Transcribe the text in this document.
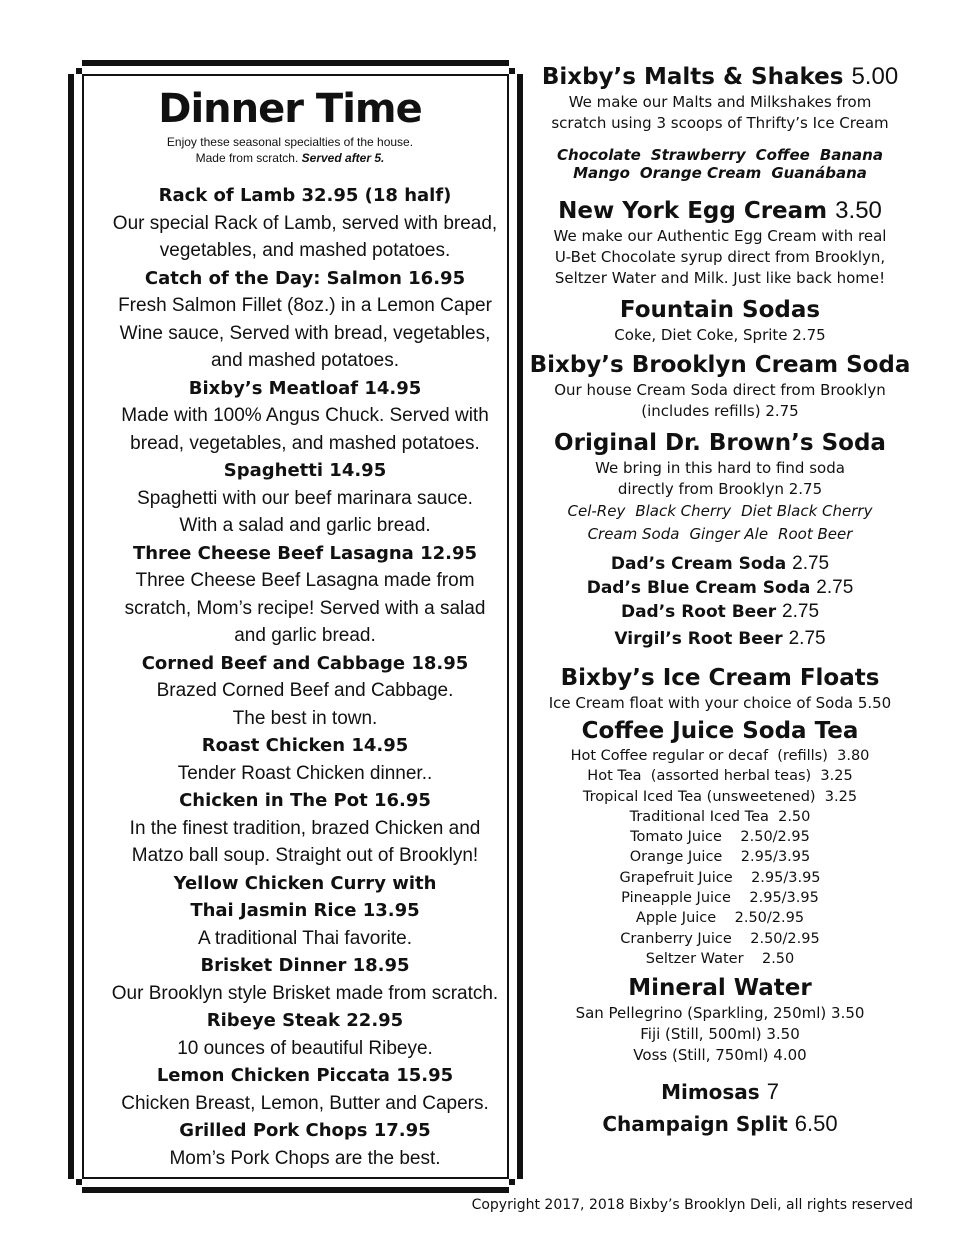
Dinner Time
Enjoy these seasonal specialties of the house.
Made from scratch. Served after 5.
Rack of Lamb 32.95 (18 half)
Our special Rack of Lamb, served with bread,
vegetables, and mashed potatoes.
Catch of the Day: Salmon 16.95
Fresh Salmon Fillet (8oz.) in a Lemon Caper
Wine sauce, Served with bread, vegetables,
and mashed potatoes.
Bixby’s Meatloaf 14.95
Made with 100% Angus Chuck. Served with
bread, vegetables, and mashed potatoes.
Spaghetti 14.95
Spaghetti with our beef marinara sauce.
With a salad and garlic bread.
Three Cheese Beef Lasagna 12.95
Three Cheese Beef Lasagna made from
scratch, Mom’s recipe! Served with a salad
and garlic bread.
Corned Beef and Cabbage 18.95
Brazed Corned Beef and Cabbage.
The best in town.
Roast Chicken 14.95
Tender Roast Chicken dinner..
Chicken in The Pot 16.95
In the finest tradition, brazed Chicken and
Matzo ball soup. Straight out of Brooklyn!
Yellow Chicken Curry with
Thai Jasmin Rice 13.95
A traditional Thai favorite.
Brisket Dinner 18.95
Our Brooklyn style Brisket made from scratch.
Ribeye Steak 22.95
10 ounces of beautiful Ribeye.
Lemon Chicken Piccata 15.95
Chicken Breast, Lemon, Butter and Capers.
Grilled Pork Chops 17.95
Mom’s Pork Chops are the best.
Bixby’s Malts & Shakes 5.00
We make our Malts and Milkshakes from
scratch using 3 scoops of Thrifty’s Ice Cream
Chocolate Strawberry Coffee Banana
Mango Orange Cream Guanábana
New York Egg Cream 3.50
We make our Authentic Egg Cream with real
U-Bet Chocolate syrup direct from Brooklyn,
Seltzer Water and Milk. Just like back home!
Fountain Sodas
Coke, Diet Coke, Sprite 2.75
Bixby’s Brooklyn Cream Soda
Our house Cream Soda direct from Brooklyn
(includes refills) 2.75
Original Dr. Brown’s Soda
We bring in this hard to find soda
directly from Brooklyn 2.75
Cel-Rey Black Cherry Diet Black Cherry
Cream Soda Ginger Ale Root Beer
Dad’s Cream Soda 2.75
Dad’s Blue Cream Soda 2.75
Dad’s Root Beer 2.75
Virgil’s Root Beer 2.75
Bixby’s Ice Cream Floats
Ice Cream float with your choice of Soda 5.50
Coffee Juice Soda Tea
Hot Coffee regular or decaf  (refills)  3.80
Hot Tea  (assorted herbal teas)  3.25
Tropical Iced Tea (unsweetened)  3.25
Traditional Iced Tea  2.50
Tomato Juice    2.50/2.95
Orange Juice    2.95/3.95
Grapefruit Juice    2.95/3.95
Pineapple Juice    2.95/3.95
Apple Juice    2.50/2.95
Cranberry Juice    2.50/2.95
Seltzer Water    2.50
Mineral Water
San Pellegrino (Sparkling, 250ml) 3.50
Fiji (Still, 500ml) 3.50
Voss (Still, 750ml) 4.00
Mimosas 7
Champaign Split 6.50
Copyright 2017, 2018 Bixby’s Brooklyn Deli, all rights reserved
